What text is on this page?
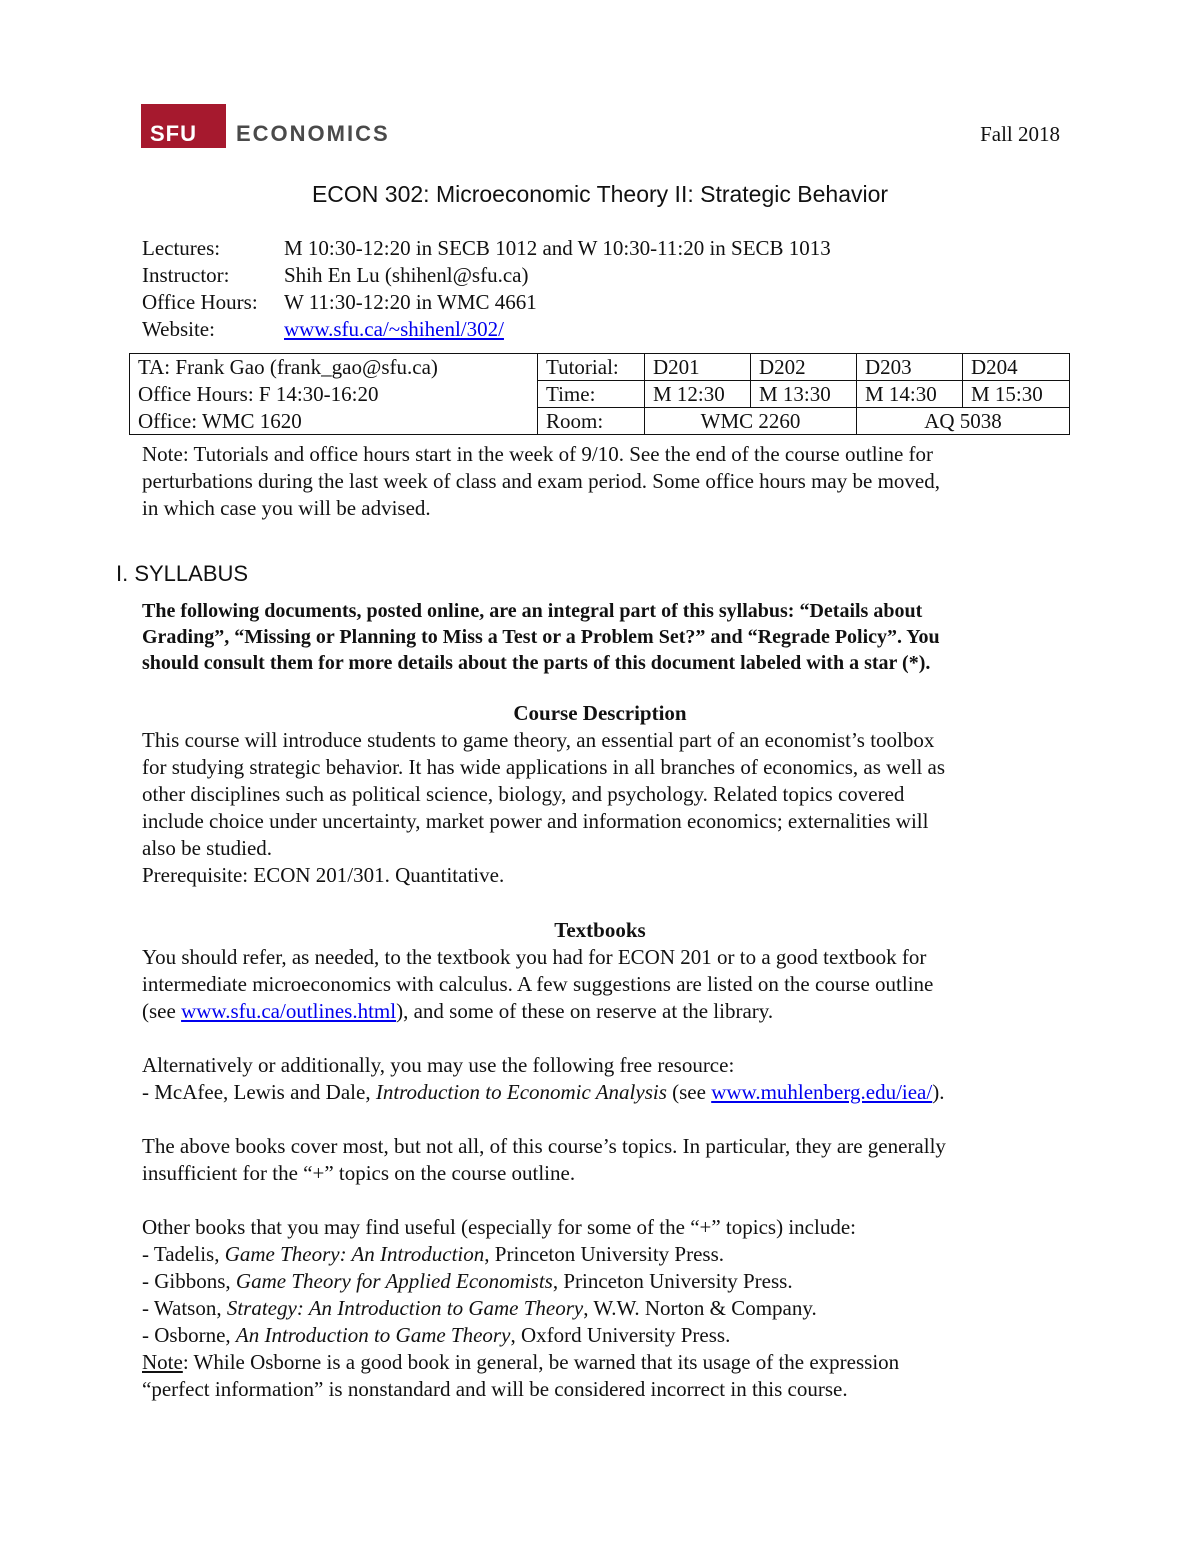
SFU ECONOMICS	Fall 2018
ECON 302: Microeconomic Theory II: Strategic Behavior
Lectures:	M 10:30-12:20 in SECB 1012 and W 10:30-11:20 in SECB 1013
Instructor:	Shih En Lu (shihenl@sfu.ca)
Office Hours: W 11:30-12:20 in WMC 4661
Website:	www.sfu.ca/~shihenl/302/
TA: Frank Gao (frank_gao@sfu.ca)	Tutorial:	D201	D202	D203	D204
Office Hours: F 14:30-16:20	Time:	M 12:30	M 13:30	M 14:30	M 15:30
Office: WMC 1620	Room:	WMC 2260		AQ 5038	
Note: Tutorials and office hours start in the week of 9/10. See the end of the course outline for
perturbations during the last week of class and exam period. Some office hours may be moved,
in which case you will be advised.
I. SYLLABUS
The following documents, posted online, are an integral part of this syllabus: “Details about
Grading”, “Missing or Planning to Miss a Test or a Problem Set?” and “Regrade Policy”. You
should consult them for more details about the parts of this document labeled with a star (*).
Course Description
This course will introduce students to game theory, an essential part of an economist’s toolbox
for studying strategic behavior. It has wide applications in all branches of economics, as well as
other disciplines such as political science, biology, and psychology. Related topics covered
include choice under uncertainty, market power and information economics; externalities will
also be studied.
Prerequisite: ECON 201/301. Quantitative.
Textbooks
You should refer, as needed, to the textbook you had for ECON 201 or to a good textbook for
intermediate microeconomics with calculus. A few suggestions are listed on the course outline
(see www.sfu.ca/outlines.html), and some of these on reserve at the library.
Alternatively or additionally, you may use the following free resource:
- McAfee, Lewis and Dale, Introduction to Economic Analysis (see www.muhlenberg.edu/iea/).
The above books cover most, but not all, of this course’s topics. In particular, they are generally
insufficient for the “+” topics on the course outline.
Other books that you may find useful (especially for some of the “+” topics) include:
- Tadelis, Game Theory: An Introduction, Princeton University Press.
- Gibbons, Game Theory for Applied Economists, Princeton University Press.
- Watson, Strategy: An Introduction to Game Theory, W.W. Norton & Company.
- Osborne, An Introduction to Game Theory, Oxford University Press.
Note: While Osborne is a good book in general, be warned that its usage of the expression
“perfect information” is nonstandard and will be considered incorrect in this course.
